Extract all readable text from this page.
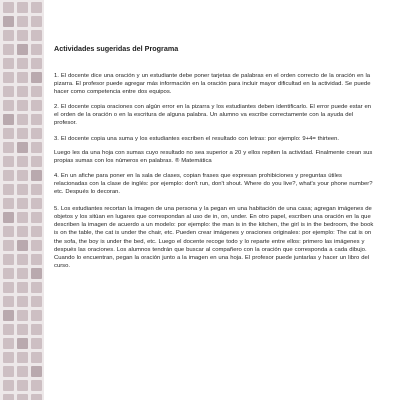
Actividades sugeridas del Programa

1. El docente dice una oración y un estudiante debe poner tarjetas de palabras en el orden correcto de la oración en la pizarra. El profesor puede agregar más información en la oración para incluir mayor dificultad en la actividad. Se puede hacer como competencia entre dos equipos.

2. El docente copia oraciones con algún error en la pizarra y los estudiantes deben identificarlo. El error puede estar en el orden de la oración o en la escritura de alguna palabra. Un alumno va escribe correctamente con la ayuda del profesor.

3. El docente copia una suma y los estudiantes escriben el resultado con letras: por ejemplo: 9+4= thirteen.

Luego les da una hoja con sumas cuyo resultado no sea superior a 20 y ellos repiten la actividad. Finalmente crean sus propias sumas con los números en palabras. ® Matemática

4. En un afiche para poner en la sala de clases, copian frases que expresan prohibiciones y preguntas útiles relacionadas con la clase de inglés: por ejemplo: don't run, don't shout. Where do you live?, what's your phone number? etc. Después lo decoran.

5. Los estudiantes recortan la imagen de una persona y la pegan en una habitación de una casa; agregan imágenes de objetos y los sitúan en lugares que correspondan al uso de in, on, under. En otro papel, escriben una oración en la que describen la imagen de acuerdo a un modelo: por ejemplo: the man is in the kitchen, the girl is in the bedroom, the book is on the table, the cat is under the chair, etc. Pueden crear imágenes y oraciones originales: por ejemplo: The cat is on the sofa, the boy is under the bed, etc. Luego el docente recoge todo y lo reparte entre ellos: primero las imágenes y después las oraciones. Los alumnos tendrán que buscar al compañero con la oración que corresponda a cada dibujo. Cuando lo encuentran, pegan la oración junto a la imagen en una hoja. El profesor puede juntarlas y hacer un libro del curso.
